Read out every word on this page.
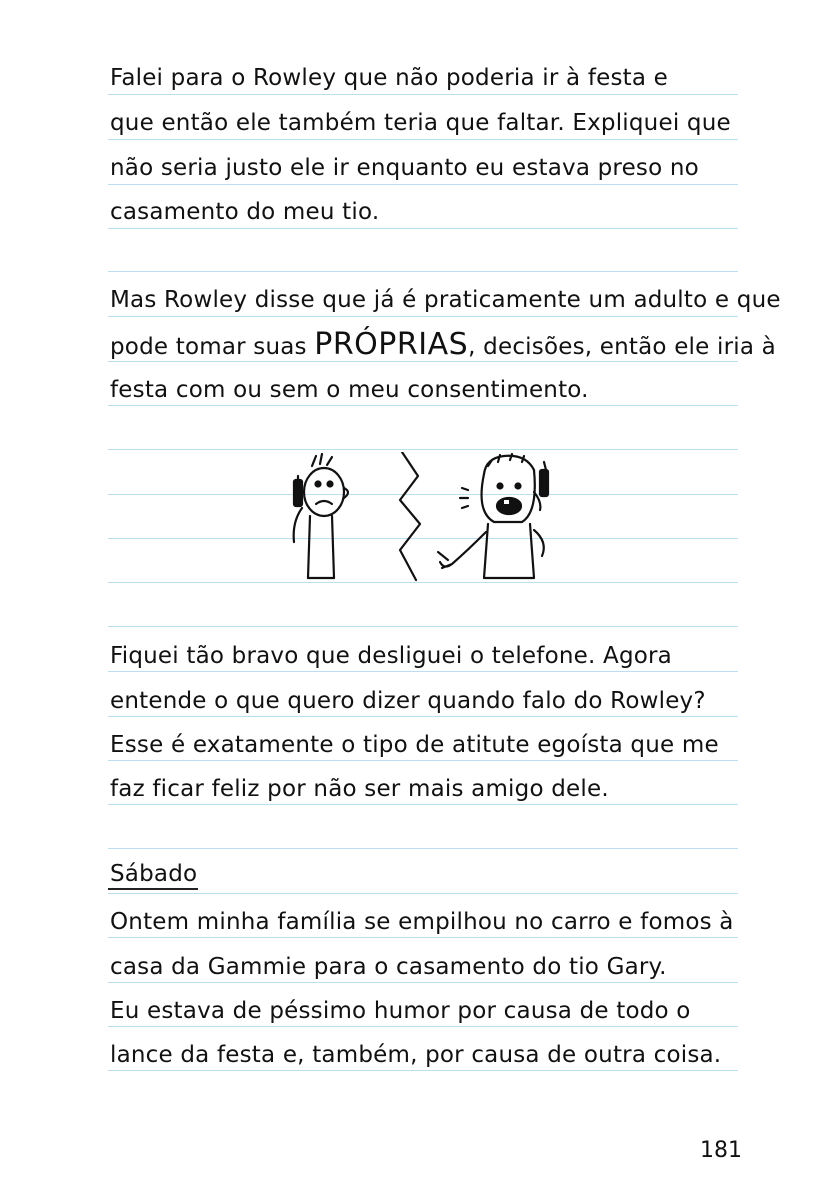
Falei para o Rowley que não poderia ir à festa e
que então ele também teria que faltar. Expliquei que
não seria justo ele ir enquanto eu estava preso no
casamento do meu tio.
Mas Rowley disse que já é praticamente um adulto e que
pode tomar suas PRÓPRIAS, decisões, então ele iria à
festa com ou sem o meu consentimento.
Fiquei tão bravo que desliguei o telefone. Agora
entende o que quero dizer quando falo do Rowley?
Esse é exatamente o tipo de atitute egoísta que me
faz ficar feliz por não ser mais amigo dele.
Sábado
Ontem minha família se empilhou no carro e fomos à
casa da Gammie para o casamento do tio Gary.
Eu estava de péssimo humor por causa de todo o
lance da festa e, também, por causa de outra coisa.
181
